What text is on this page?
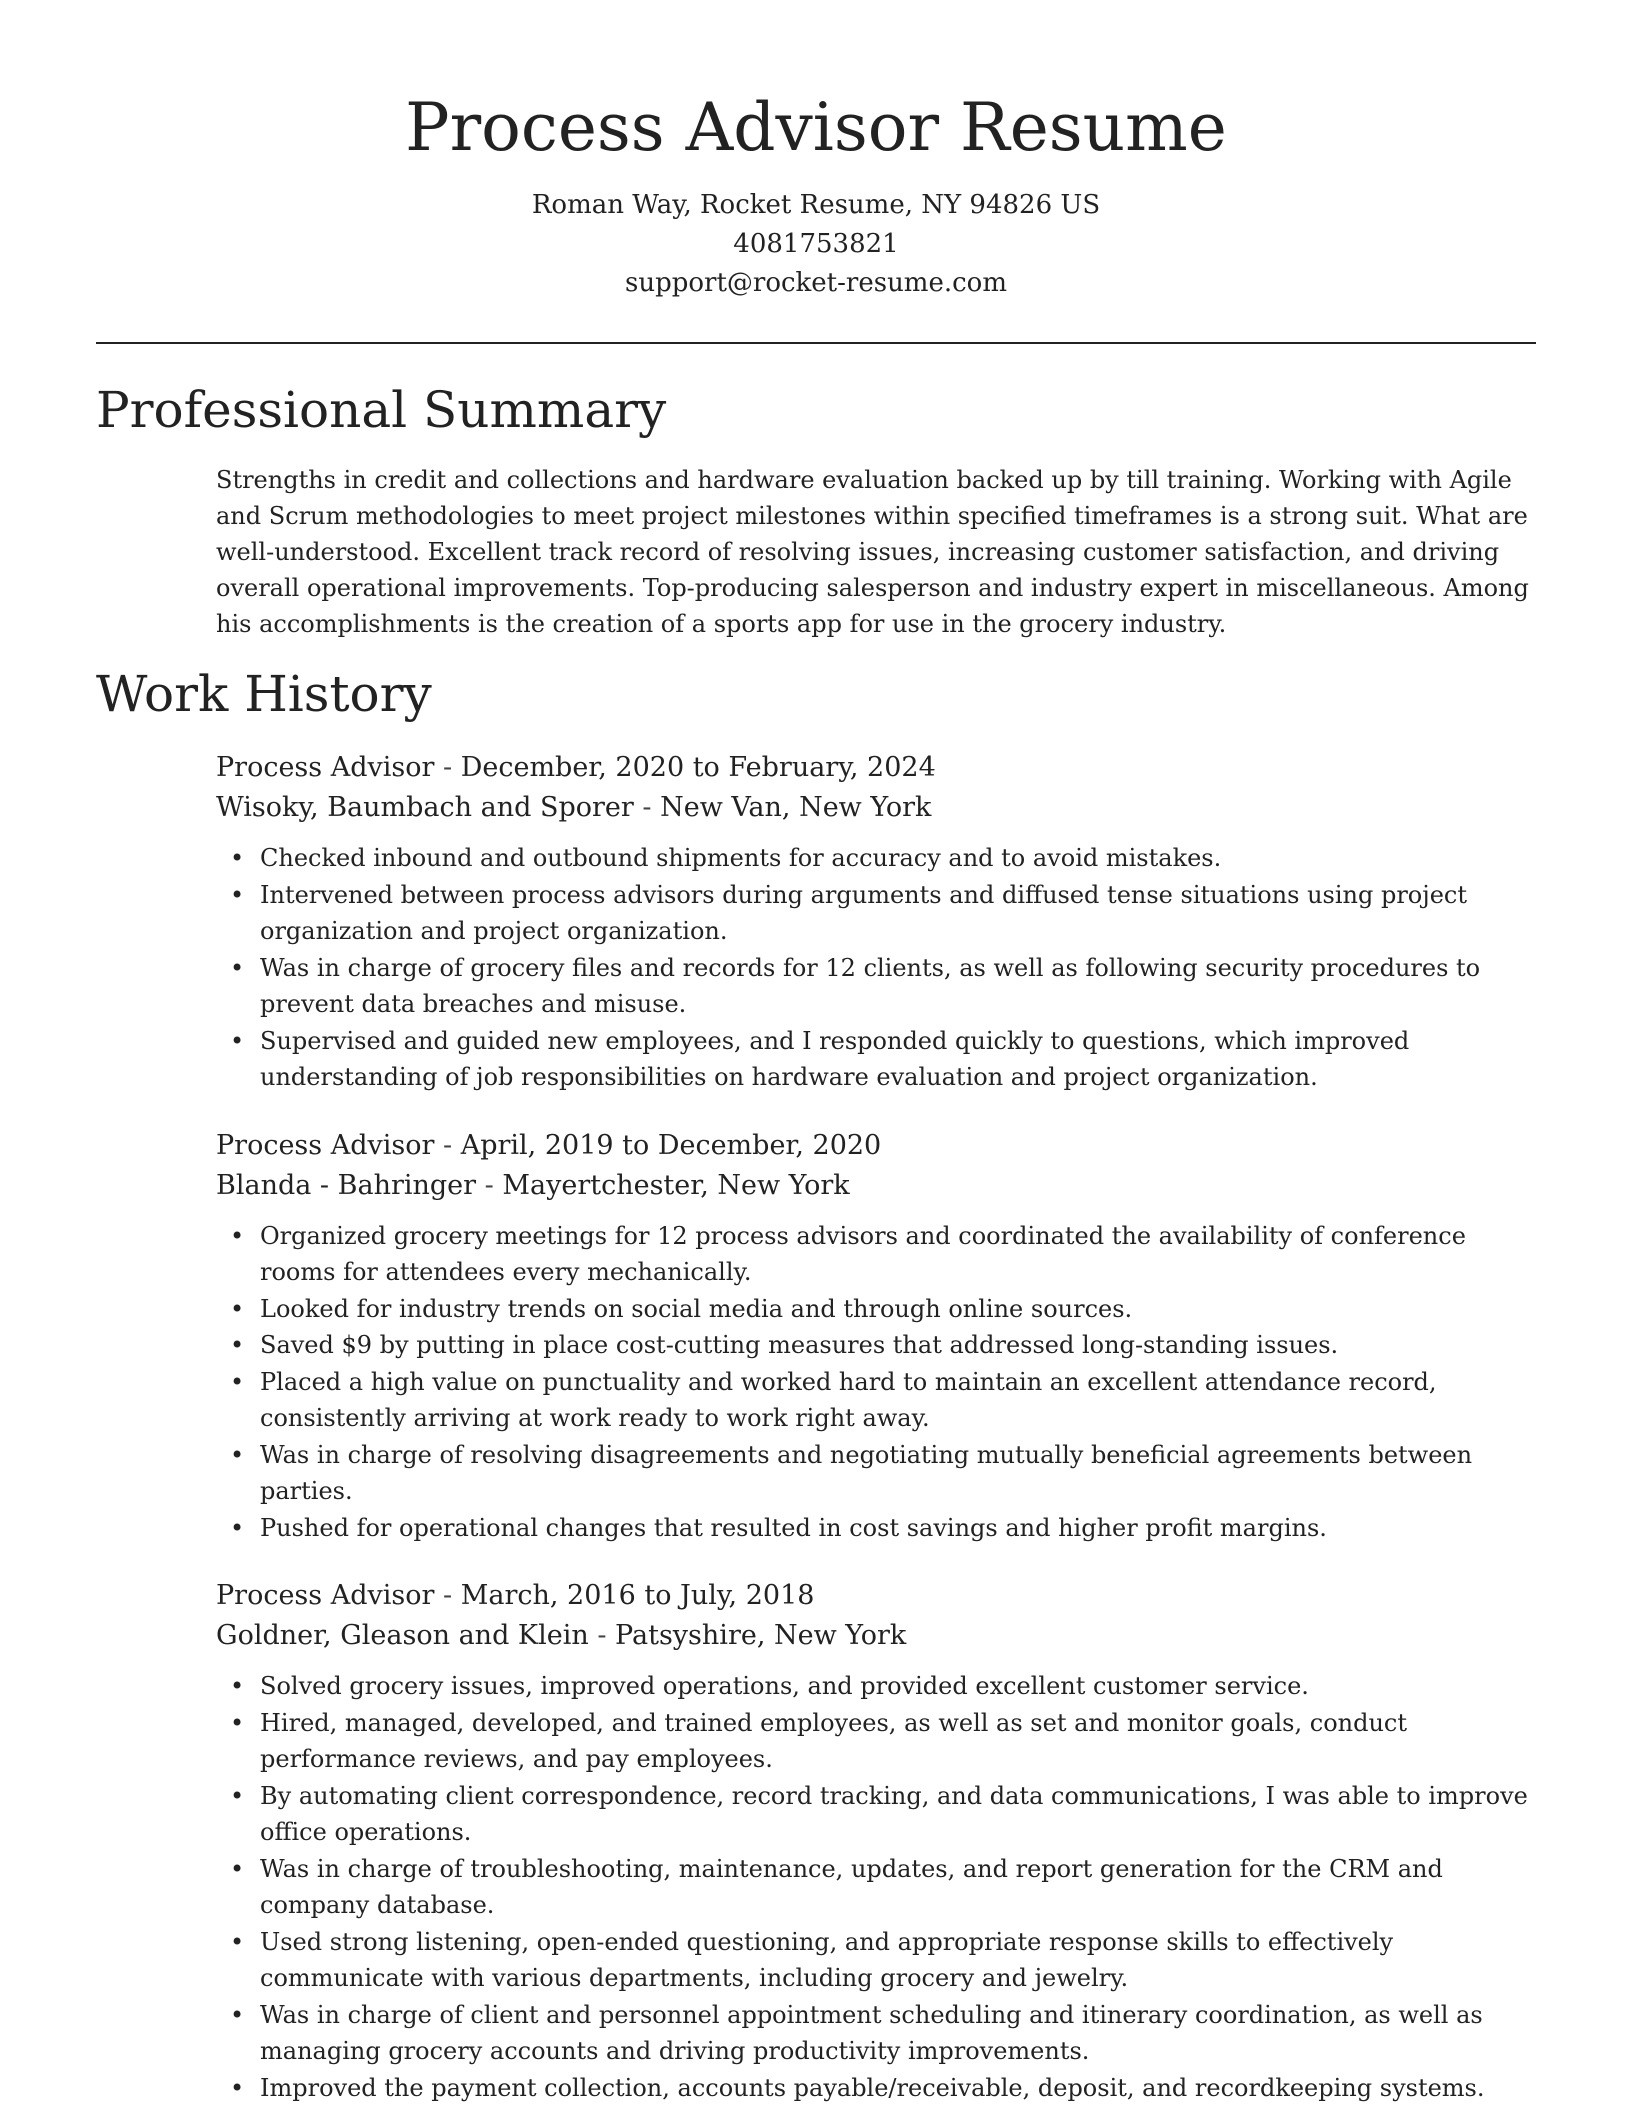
Process Advisor Resume
Roman Way, Rocket Resume, NY 94826 US
4081753821
support@rocket-resume.com
Professional Summary

Strengths in credit and collections and hardware evaluation backed up by till training. Working with Agile and Scrum methodologies to meet project milestones within specified timeframes is a strong suit. What are well-understood. Excellent track record of resolving issues, increasing customer satisfaction, and driving overall operational improvements. Top-producing salesperson and industry expert in miscellaneous. Among his accomplishments is the creation of a sports app for use in the grocery industry.

Work History
Process Advisor - December, 2020 to February, 2024
Wisoky, Baumbach and Sporer - New Van, New York
• Checked inbound and outbound shipments for accuracy and to avoid mistakes.
• Intervened between process advisors during arguments and diffused tense situations using project organization and project organization.
• Was in charge of grocery files and records for 12 clients, as well as following security procedures to prevent data breaches and misuse.
• Supervised and guided new employees, and I responded quickly to questions, which improved understanding of job responsibilities on hardware evaluation and project organization.
Process Advisor - April, 2019 to December, 2020
Blanda - Bahringer - Mayertchester, New York
• Organized grocery meetings for 12 process advisors and coordinated the availability of conference rooms for attendees every mechanically.
• Looked for industry trends on social media and through online sources.
• Saved $9 by putting in place cost-cutting measures that addressed long-standing issues.
• Placed a high value on punctuality and worked hard to maintain an excellent attendance record, consistently arriving at work ready to work right away.
• Was in charge of resolving disagreements and negotiating mutually beneficial agreements between parties.
• Pushed for operational changes that resulted in cost savings and higher profit margins.
Process Advisor - March, 2016 to July, 2018
Goldner, Gleason and Klein - Patsyshire, New York
• Solved grocery issues, improved operations, and provided excellent customer service.
• Hired, managed, developed, and trained employees, as well as set and monitor goals, conduct performance reviews, and pay employees.
• By automating client correspondence, record tracking, and data communications, I was able to improve office operations.
• Was in charge of troubleshooting, maintenance, updates, and report generation for the CRM and company database.
• Used strong listening, open-ended questioning, and appropriate response skills to effectively communicate with various departments, including grocery and jewelry.
• Was in charge of client and personnel appointment scheduling and itinerary coordination, as well as managing grocery accounts and driving productivity improvements.
• Improved the payment collection, accounts payable/receivable, deposit, and recordkeeping systems.
